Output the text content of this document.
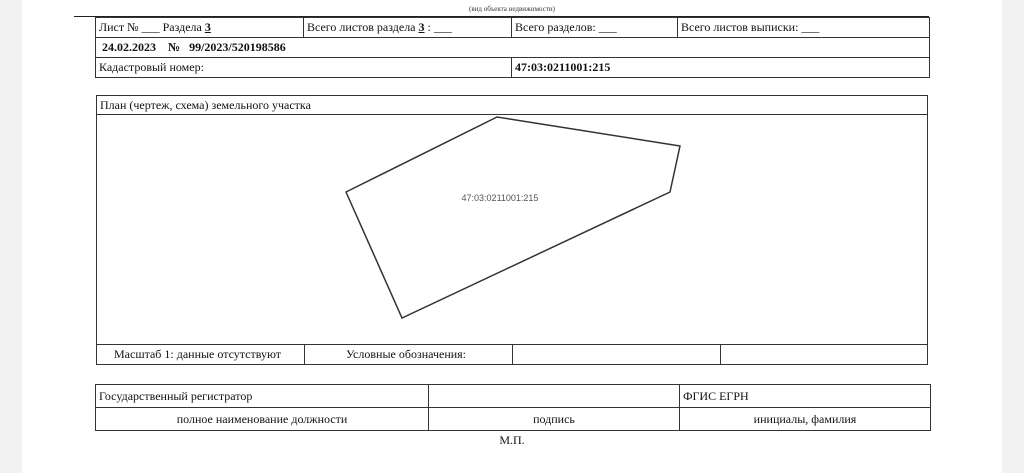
(вид объекта недвижимости)
Лист № ___ Раздела 3	Всего листов раздела 3 : ___	Всего разделов: ___	Всего листов выписки: ___
24.02.2023 № 99/2023/520198586			
Кадастровый номер:		47:03:0211001:215	
План (чертеж, схема) земельного участка
47:03:0211001:215
Масштаб 1: данные отсутствуют	Условные обозначения:
Государственный регистратор		ФГИС ЕГРН
полное наименование должности	подпись	инициалы, фамилия
М.П.
